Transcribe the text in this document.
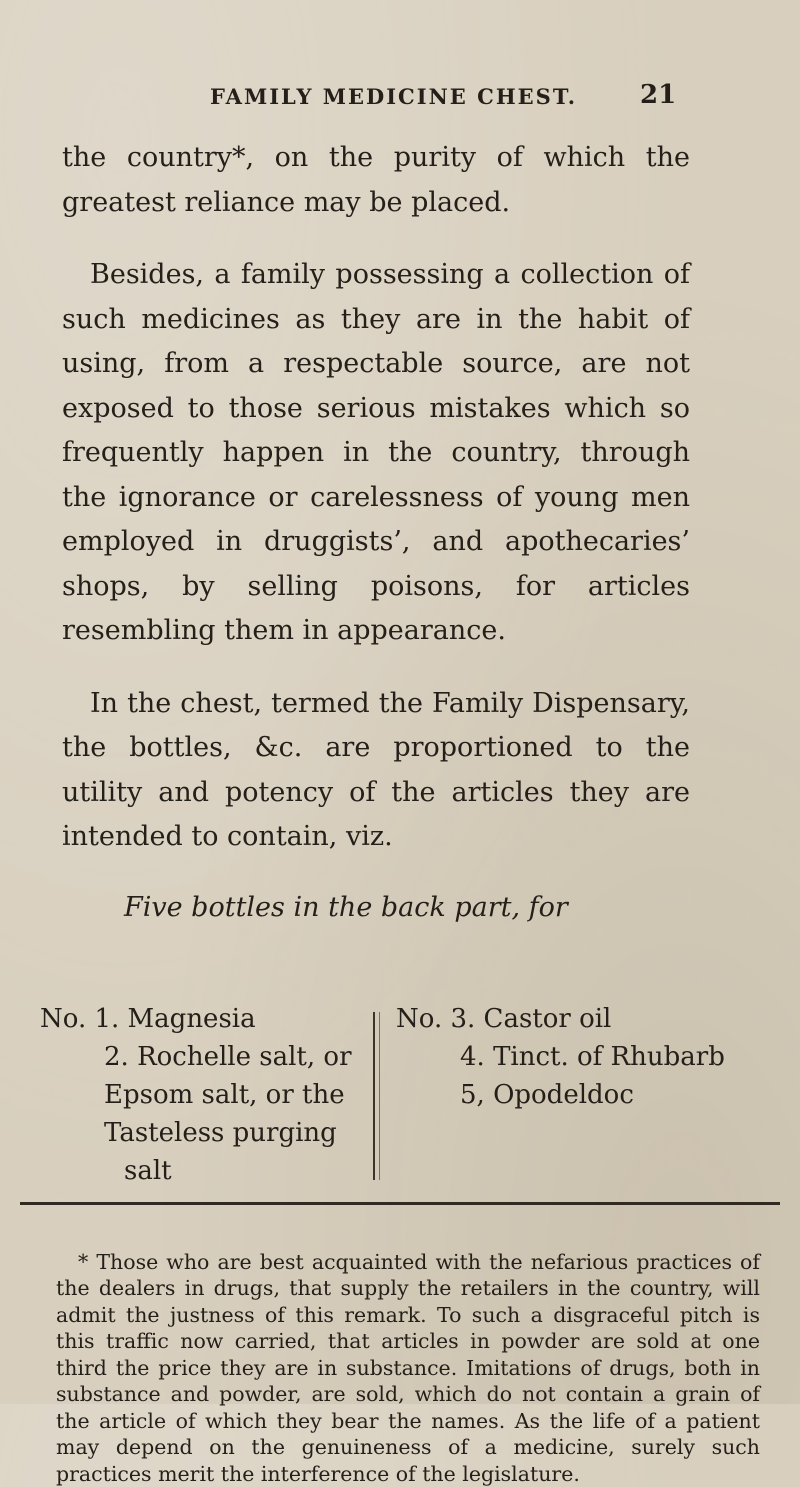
FAMILY MEDICINE CHEST. 21

the country*, on the purity of which the greatest reliance may be placed.

Besides, a family possessing a collection of such medicines as they are in the habit of using, from a respectable source, are not exposed to those serious mistakes which so frequently happen in the country, through the ignorance or carelessness of young men employed in druggists’, and apothecaries’ shops, by selling poisons, for articles resembling them in appearance.

In the chest, termed the Family Dispensary, the bottles, &c. are proportioned to the utility and potency of the articles they are intended to contain, viz.

Five bottles in the back part, for

No. 1. Magnesia
2. Rochelle salt, or
Epsom salt, or the
Tasteless purging
salt
No. 3. Castor oil
4. Tinct. of Rhubarb
5, Opodeldoc

* Those who are best acquainted with the nefarious practices of the dealers in drugs, that supply the retailers in the country, will admit the justness of this remark. To such a disgraceful pitch is this traffic now carried, that articles in powder are sold at one third the price they are in substance. Imitations of drugs, both in substance and powder, are sold, which do not contain a grain of the article of which they bear the names. As the life of a patient may depend on the genuineness of a medicine, surely such practices merit the interference of the legislature.
